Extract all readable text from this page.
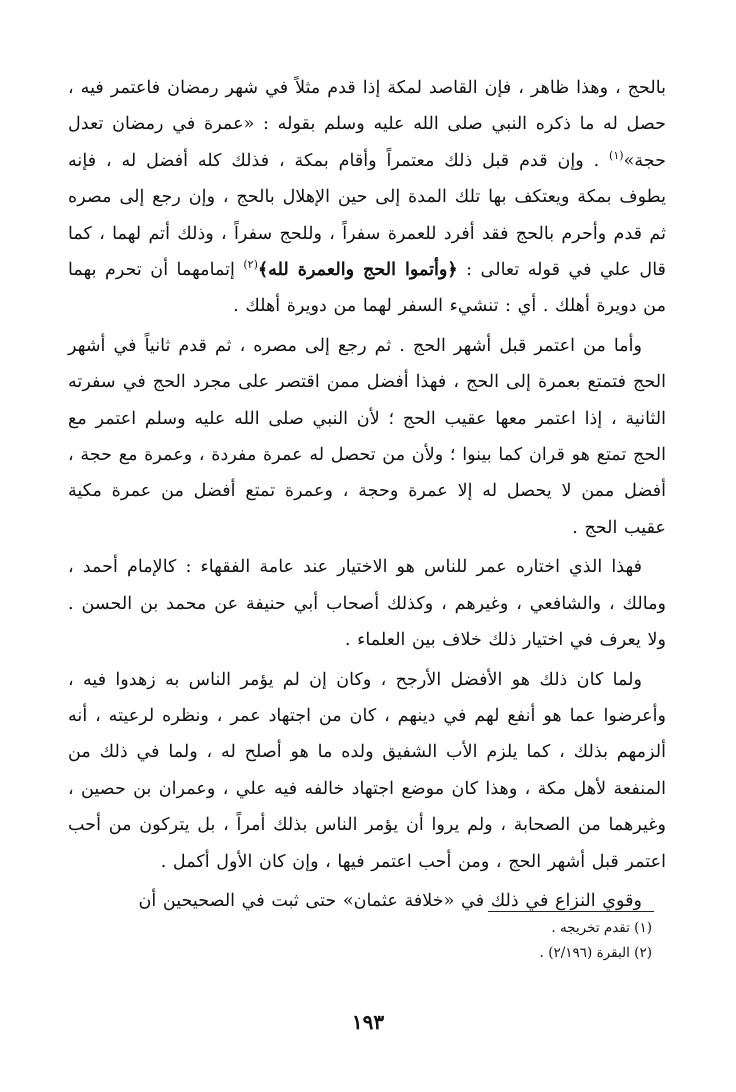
بالحج ، وهذا ظاهر ، فإن القاصد لمكة إذا قدم مثلاً في شهر رمضان فاعتمر فيه ، حصل له ما ذكره النبي صلى الله عليه وسلم بقوله : «عمرة في رمضان تعدل حجة»$^{(١)}$ . وإن قدم قبل ذلك معتمراً وأقام بمكة ، فذلك كله أفضل له ، فإنه يطوف بمكة ويعتكف بها تلك المدة إلى حين الإهلال بالحج ، وإن رجع إلى مصره ثم قدم وأحرم بالحج فقد أفرد للعمرة سفراً ، وللحج سفراً ، وذلك أتم لهما ، كما قال علي في قوله تعالى : ﴿وأتموا الحج والعمرة لله﴾$^{(٢)}$ إتمامهما أن تحرم بهما من دويرة أهلك . أي : تنشيء السفر لهما من دويرة أهلك .

وأما من اعتمر قبل أشهر الحج . ثم رجع إلى مصره ، ثم قدم ثانياً في أشهر الحج فتمتع بعمرة إلى الحج ، فهذا أفضل ممن اقتصر على مجرد الحج في سفرته الثانية ، إذا اعتمر معها عقيب الحج ؛ لأن النبي صلى الله عليه وسلم اعتمر مع الحج تمتع هو قران كما بينوا ؛ ولأن من تحصل له عمرة مفردة ، وعمرة مع حجة ، أفضل ممن لا يحصل له إلا عمرة وحجة ، وعمرة تمتع أفضل من عمرة مكية عقيب الحج .

فهذا الذي اختاره عمر للناس هو الاختيار عند عامة الفقهاء : كالإمام أحمد ، ومالك ، والشافعي ، وغيرهم ، وكذلك أصحاب أبي حنيفة عن محمد بن الحسن . ولا يعرف في اختيار ذلك خلاف بين العلماء .

ولما كان ذلك هو الأفضل الأرجح ، وكان إن لم يؤمر الناس به زهدوا فيه ، وأعرضوا عما هو أنفع لهم في دينهم ، كان من اجتهاد عمر ، ونظره لرعيته ، أنه ألزمهم بذلك ، كما يلزم الأب الشفيق ولده ما هو أصلح له ، ولما في ذلك من المنفعة لأهل مكة ، وهذا كان موضع اجتهاد خالفه فيه علي ، وعمران بن حصين ، وغيرهما من الصحابة ، ولم يروا أن يؤمر الناس بذلك أمراً ، بل يتركون من أحب اعتمر قبل أشهر الحج ، ومن أحب اعتمر فيها ، وإن كان الأول أكمل .

وقوي النزاع في ذلك في «خلافة عثمان» حتى ثبت في الصحيحين أن

(١) تقدم تخريجه .

(٢) البقرة (٢/١٩٦) .

١٩٣
